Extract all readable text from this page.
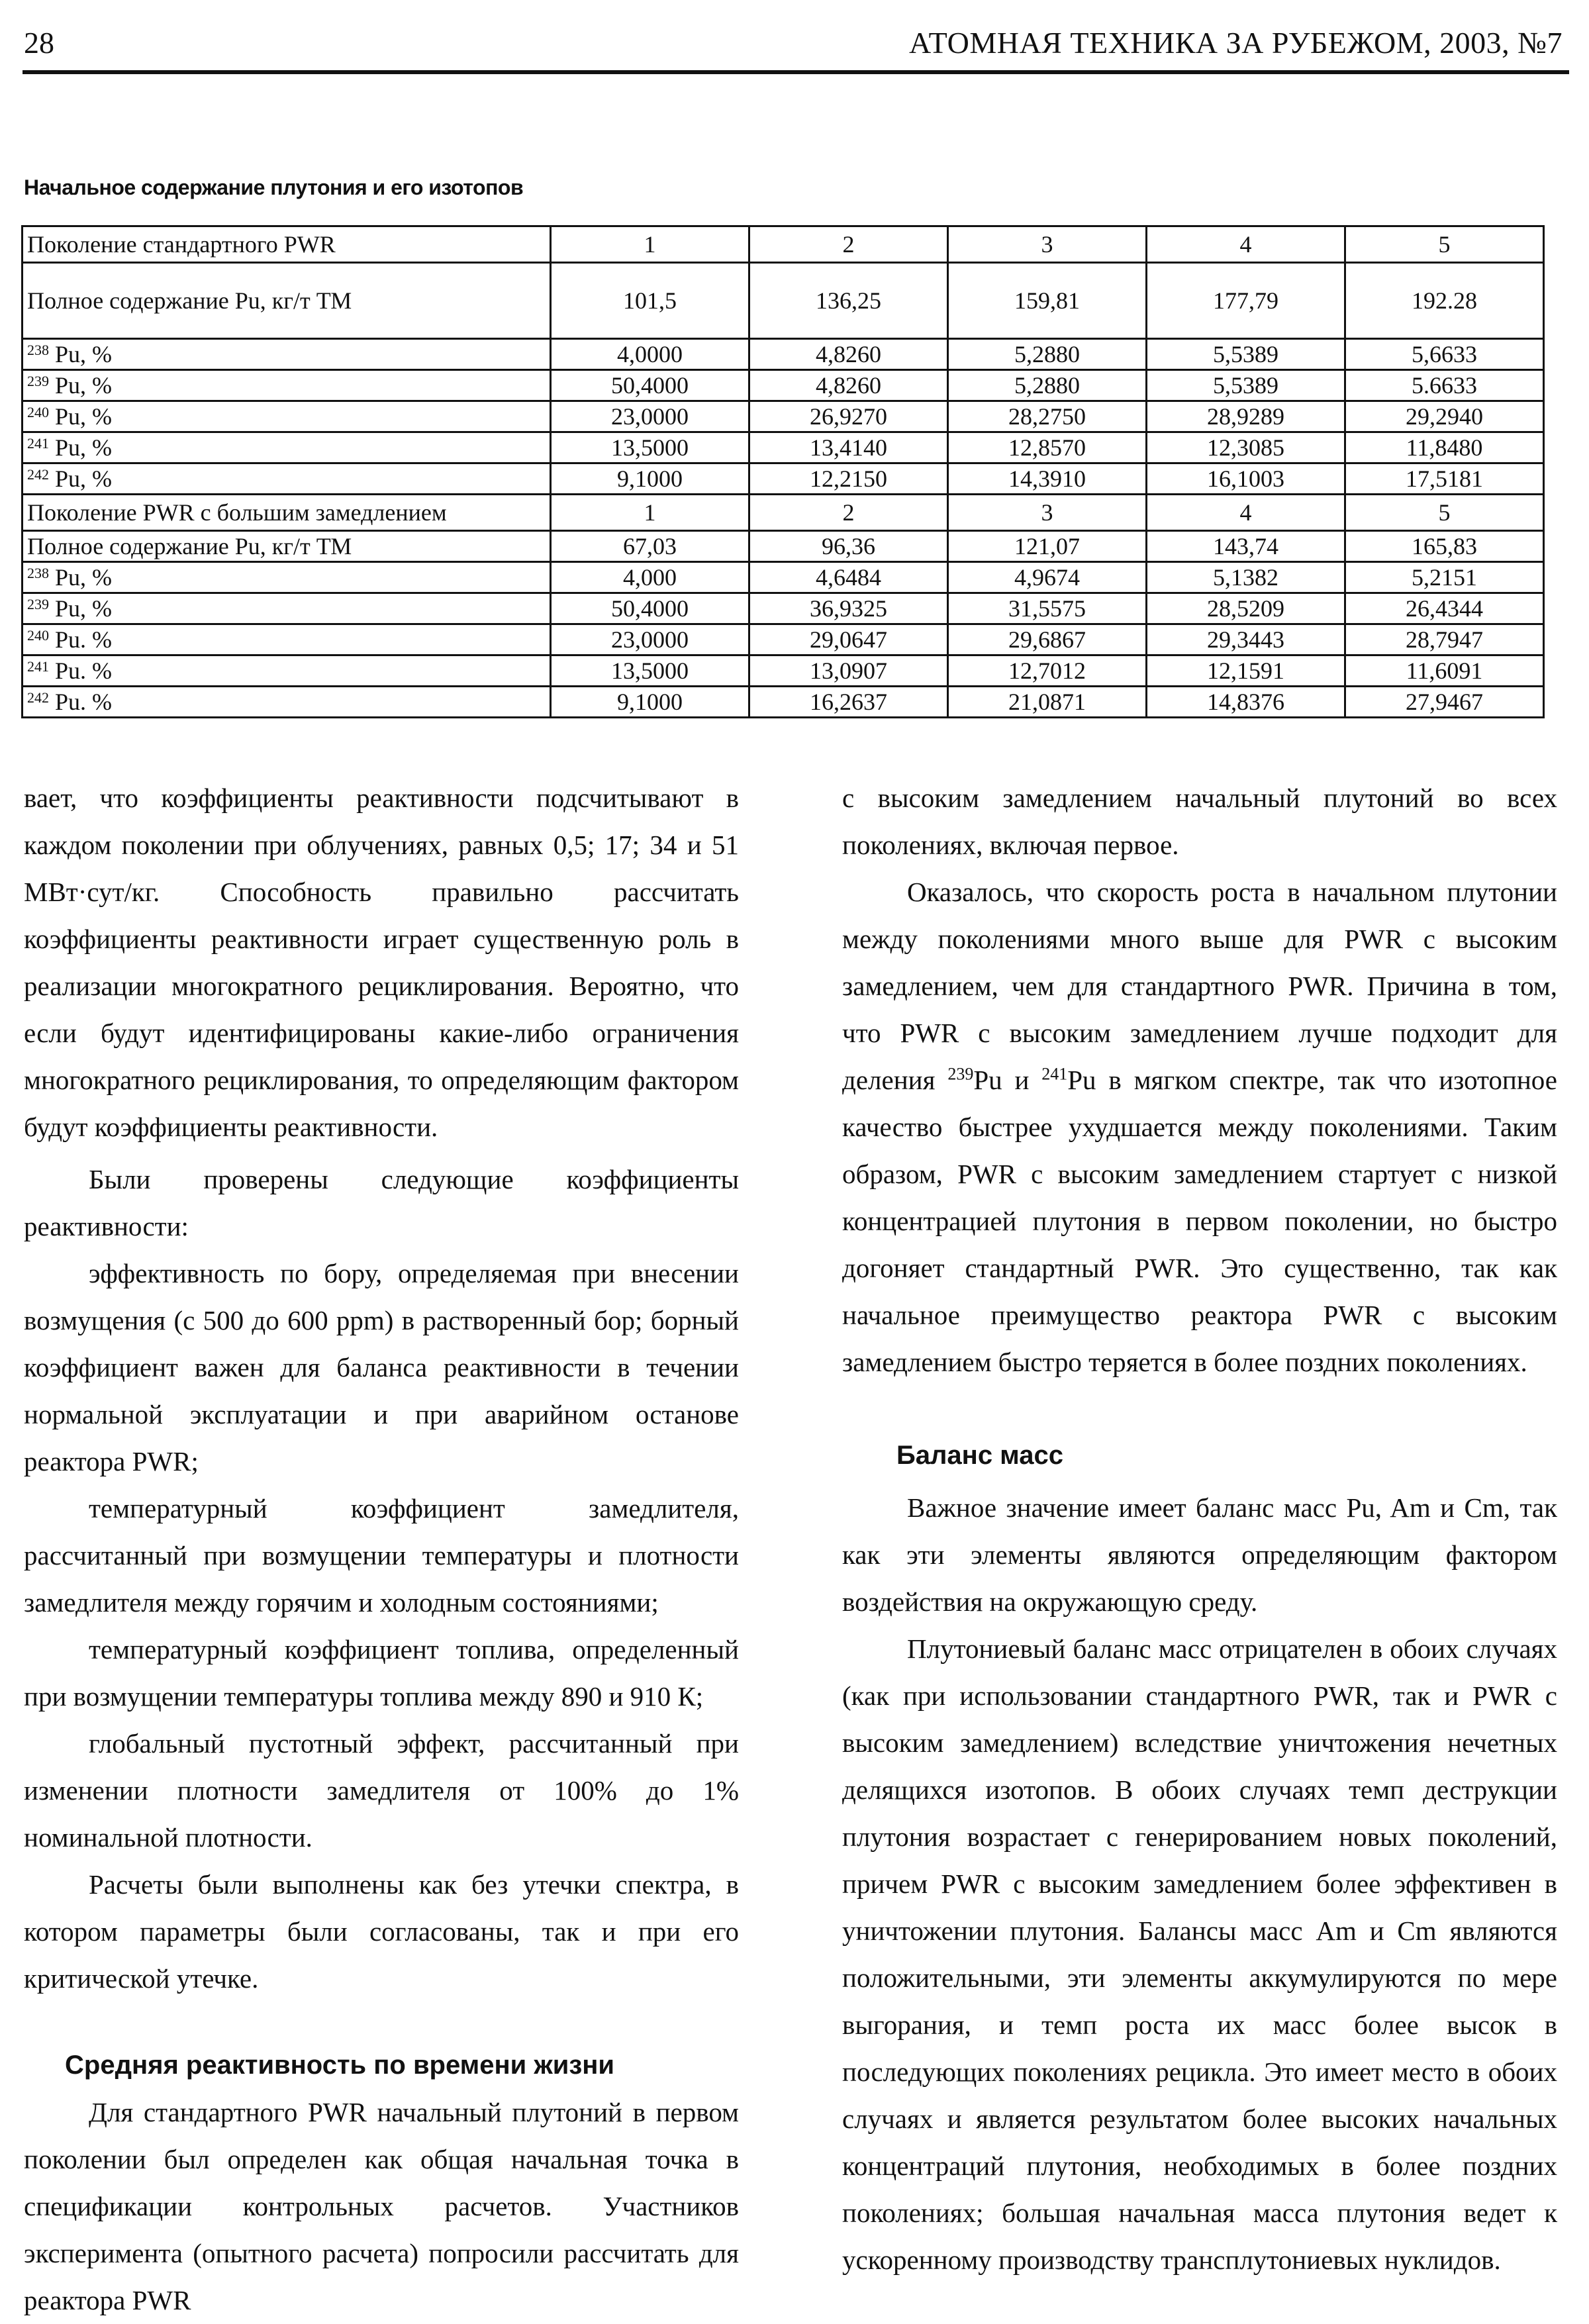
28	АТОМНАЯ ТЕХНИКА ЗА РУБЕЖОМ, 2003, №7
Начальное содержание плутония и его изотопов
Поколение стандартного PWR	1	2	3	4	5
Полное содержание Pu, кг/т ТМ	101,5	136,25	159,81	177,79	192.28
$^{238}$ Pu, %	4,0000	4,8260	5,2880	5,5389	5,6633
$^{239}$ Pu, %	50,4000	4,8260	5,2880	5,5389	5.6633
$^{240}$ Pu, %	23,0000	26,9270	28,2750	28,9289	29,2940
$^{241}$ Pu, %	13,5000	13,4140	12,8570	12,3085	11,8480
$^{242}$ Pu, %	9,1000	12,2150	14,3910	16,1003	17,5181
Поколение PWR с большим замедлением	1	2	3	4	5
Полное содержание Pu, кг/т ТМ	67,03	96,36	121,07	143,74	165,83
$^{238}$ Pu, %	4,000	4,6484	4,9674	5,1382	5,2151
$^{239}$ Pu, %	50,4000	36,9325	31,5575	28,5209	26,4344
$^{240}$ Pu. %	23,0000	29,0647	29,6867	29,3443	28,7947
$^{241}$ Pu. %	13,5000	13,0907	12,7012	12,1591	11,6091
$^{242}$ Pu. %	9,1000	16,2637	21,0871	14,8376	27,9467

вает, что коэффициенты реактивности подсчитывают в каждом поколении при облучениях, равных 0,5; 17; 34 и 51 МВт·сут/кг. Способность правильно рассчитать коэффициенты реактивности играет существенную роль в реализации многократного рециклирования. Вероятно, что если будут идентифицированы какие-либо ограничения многократного рециклирования, то определяющим фактором будут коэффициенты реактивности.

Были проверены следующие коэффициенты реактивности:

эффективность по бору, определяемая при внесении возмущения (с 500 до 600 ppm) в растворенный бор; борный коэффициент важен для баланса реактивности в течении нормальной эксплуатации и при аварийном останове реактора PWR;

температурный коэффициент замедлителя, рассчитанный при возмущении температуры и плотности замедлителя между горячим и холодным состояниями;

температурный коэффициент топлива, определенный при возмущении температуры топлива между 890 и 910 К;

глобальный пустотный эффект, рассчитанный при изменении плотности замедлителя от 100% до 1% номинальной плотности.

Расчеты были выполнены как без утечки спектра, в котором параметры были согласованы, так и при его критической утечке.

Средняя реактивность по времени жизни

Для стандартного PWR начальный плутоний в первом поколении был определен как общая начальная точка в спецификации контрольных расчетов. Участников эксперимента (опытного расчета) попросили рассчитать для реактора PWR

с высоким замедлением начальный плутоний во всех поколениях, включая первое.

Оказалось, что скорость роста в начальном плутонии между поколениями много выше для PWR с высоким замедлением, чем для стандартного PWR. Причина в том, что PWR с высоким замедлением лучше подходит для деления $^{239}$Pu и $^{241}$Pu в мягком спектре, так что изотопное качество быстрее ухудшается между поколениями. Таким образом, PWR с высоким замедлением стартует с низкой концентрацией плутония в первом поколении, но быстро догоняет стандартный PWR. Это существенно, так как начальное преимущество реактора PWR с высоким замедлением быстро теряется в более поздних поколениях.

Баланс масс

Важное значение имеет баланс масс Pu, Am и Cm, так как эти элементы являются определяющим фактором воздействия на окружающую среду.

Плутониевый баланс масс отрицателен в обоих случаях (как при использовании стандартного PWR, так и PWR с высоким замедлением) вследствие уничтожения нечетных делящихся изотопов. В обоих случаях темп деструкции плутония возрастает с генерированием новых поколений, причем PWR с высоким замедлением более эффективен в уничтожении плутония. Балансы масс Am и Cm являются положительными, эти элементы аккумулируются по мере выгорания, и темп роста их масс более высок в последующих поколениях рецикла. Это имеет место в обоих случаях и является результатом более высоких начальных концентраций плутония, необходимых в более поздних поколениях; большая начальная масса плутония ведет к ускоренному производству трансплутониевых нуклидов.
